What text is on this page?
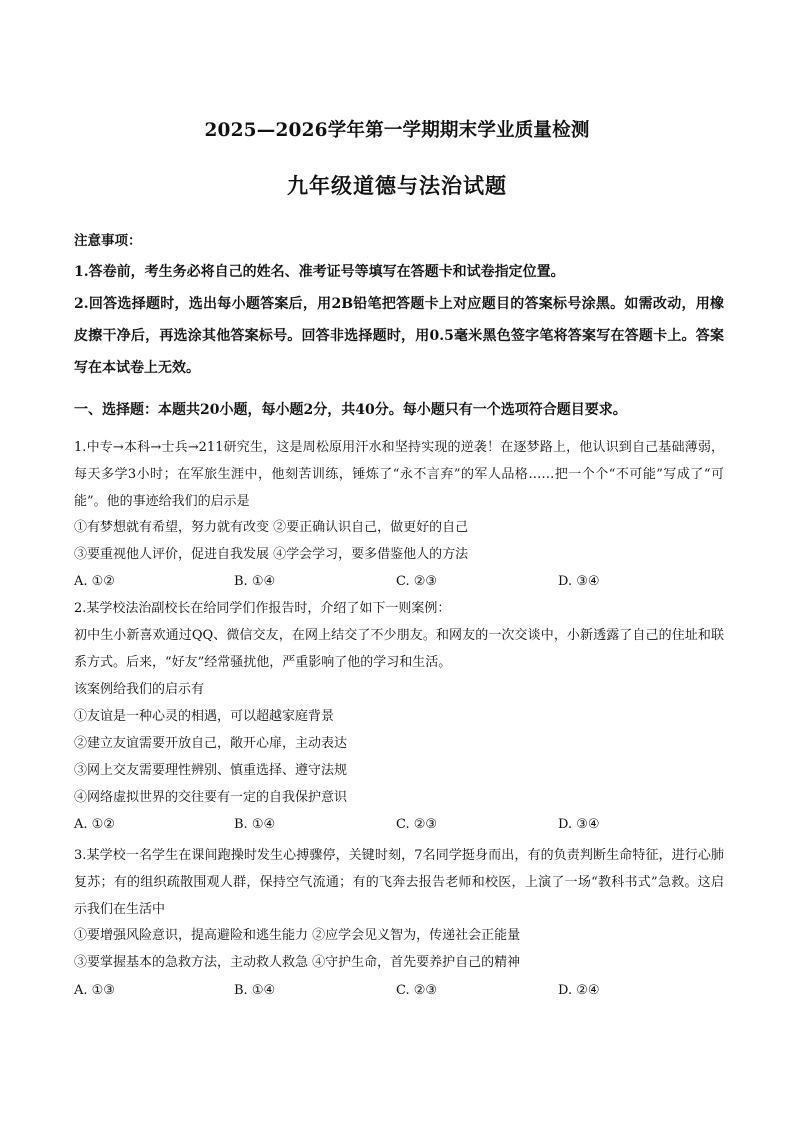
2025—2026学年第一学期期末学业质量检测
九年级道德与法治试题
注意事项：
1.答卷前，考生务必将自己的姓名、准考证号等填写在答题卡和试卷指定位置。
2.回答选择题时，选出每小题答案后，用2B铅笔把答题卡上对应题目的答案标号涂黑。如需改动，用橡皮擦干净后，再选涂其他答案标号。回答非选择题时，用0.5毫米黑色签字笔将答案写在答题卡上。答案写在本试卷上无效。
一、选择题：本题共20小题，每小题2分，共40分。每小题只有一个选项符合题目要求。
1.中专→本科→士兵→211研究生，这是周松原用汗水和坚持实现的逆袭！在逐梦路上，他认识到自己基础薄弱，每天多学3小时；在军旅生涯中，他刻苦训练，锤炼了“永不言弃”的军人品格……把一个个“不可能”写成了“可能”。他的事迹给我们的启示是
①有梦想就有希望，努力就有改变 ②要正确认识自己，做更好的自己
③要重视他人评价，促进自我发展 ④学会学习，要多借鉴他人的方法
A. ①②	B. ①④	C. ②③	D. ③④
2.某学校法治副校长在给同学们作报告时，介绍了如下一则案例：
初中生小新喜欢通过QQ、微信交友，在网上结交了不少朋友。和网友的一次交谈中，小新透露了自己的住址和联系方式。后来，“好友”经常骚扰他，严重影响了他的学习和生活。
该案例给我们的启示有
①友谊是一种心灵的相遇，可以超越家庭背景
②建立友谊需要开放自己，敞开心扉，主动表达
③网上交友需要理性辨别、慎重选择、遵守法规
④网络虚拟世界的交往要有一定的自我保护意识
A. ①②	B. ①④	C. ②③	D. ③④
3.某学校一名学生在课间跑操时发生心搏骤停，关键时刻，7名同学挺身而出，有的负责判断生命特征，进行心肺复苏；有的组织疏散围观人群，保持空气流通；有的飞奔去报告老师和校医，上演了一场“教科书式”急救。这启示我们在生活中
①要增强风险意识，提高避险和逃生能力 ②应学会见义智为，传递社会正能量
③要掌握基本的急救方法，主动救人救急 ④守护生命，首先要养护自己的精神
A. ①③	B. ①④	C. ②③	D. ②④
